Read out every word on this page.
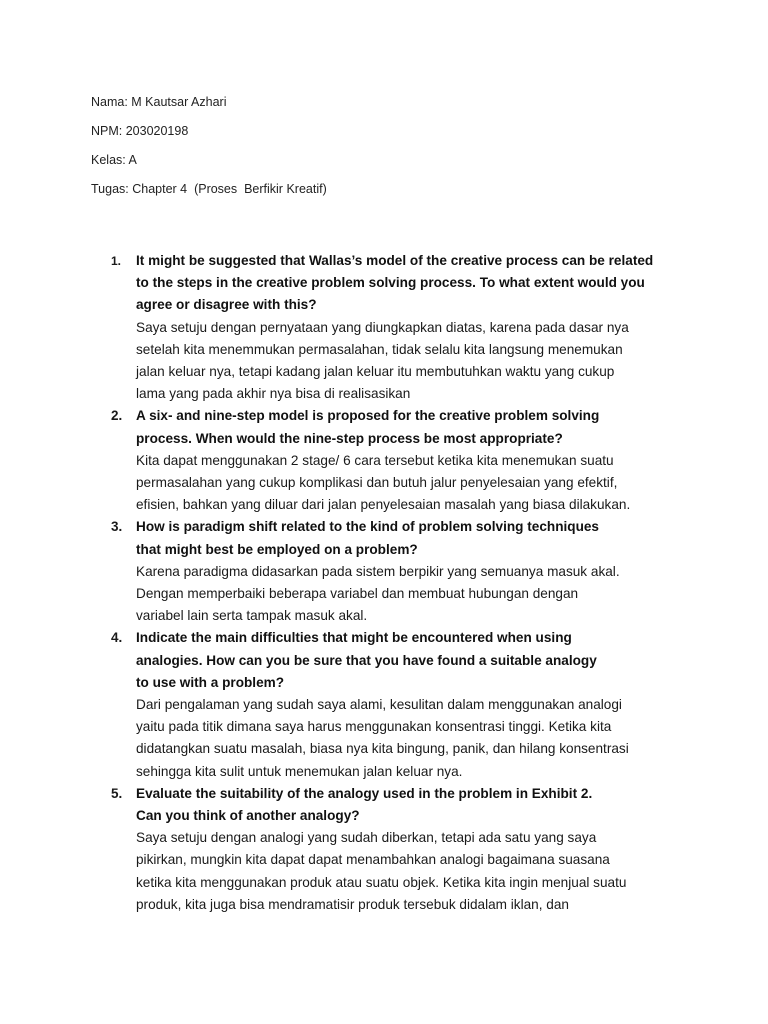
Nama: M Kautsar Azhari
NPM: 203020198
Kelas: A
Tugas: Chapter 4  (Proses  Berfikir Kreatif)
1.	It might be suggested that Wallas’s model of the creative process can be related
to the steps in the creative problem solving process. To what extent would you
agree or disagree with this?
Saya setuju dengan pernyataan yang diungkapkan diatas, karena pada dasar nya
setelah kita menemmukan permasalahan, tidak selalu kita langsung menemukan
jalan keluar nya, tetapi kadang jalan keluar itu membutuhkan waktu yang cukup
lama yang pada akhir nya bisa di realisasikan
2.	A six- and nine-step model is proposed for the creative problem solving
process. When would the nine-step process be most appropriate?
Kita dapat menggunakan 2 stage/ 6 cara tersebut ketika kita menemukan suatu
permasalahan yang cukup komplikasi dan butuh jalur penyelesaian yang efektif,
efisien, bahkan yang diluar dari jalan penyelesaian masalah yang biasa dilakukan.
3.	How is paradigm shift related to the kind of problem solving techniques
that might best be employed on a problem?
Karena paradigma didasarkan pada sistem berpikir yang semuanya masuk akal.
Dengan memperbaiki beberapa variabel dan membuat hubungan dengan
variabel lain serta tampak masuk akal.
4.	Indicate the main difficulties that might be encountered when using
analogies. How can you be sure that you have found a suitable analogy
to use with a problem?
Dari pengalaman yang sudah saya alami, kesulitan dalam menggunakan analogi
yaitu pada titik dimana saya harus menggunakan konsentrasi tinggi. Ketika kita
didatangkan suatu masalah, biasa nya kita bingung, panik, dan hilang konsentrasi
sehingga kita sulit untuk menemukan jalan keluar nya.
5.	Evaluate the suitability of the analogy used in the problem in Exhibit 2.
Can you think of another analogy?
Saya setuju dengan analogi yang sudah diberkan, tetapi ada satu yang saya
pikirkan, mungkin kita dapat dapat menambahkan analogi bagaimana suasana
ketika kita menggunakan produk atau suatu objek. Ketika kita ingin menjual suatu
produk, kita juga bisa mendramatisir produk tersebuk didalam iklan, dan
